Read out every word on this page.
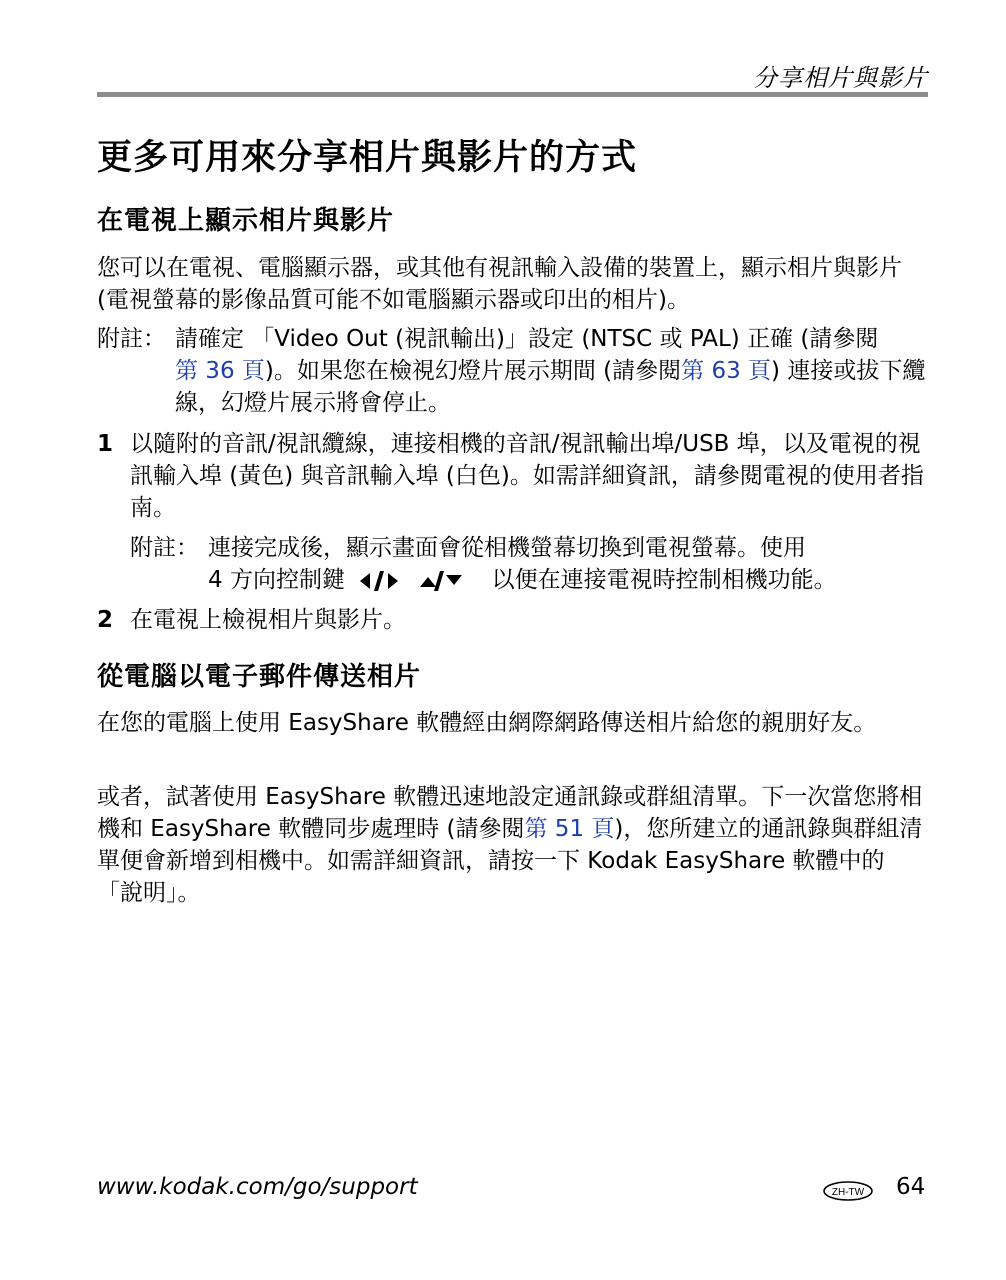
分享相片與影片
更多可用來分享相片與影片的方式
在電視上顯示相片與影片

您可以在電視、電腦顯示器，或其他有視訊輸入設備的裝置上，顯示相片與影片 (電視螢幕的影像品質可能不如電腦顯示器或印出的相片)。

附註： 請確定 「Video Out (視訊輸出)」設定 (NTSC 或 PAL) 正確 (請參閱
第 36 頁)。如果您在檢視幻燈片展示期間 (請參閱第 63 頁) 連接或拔下纜線，幻燈片展示將會停止。
1 以隨附的音訊/視訊纜線，連接相機的音訊/視訊輸出埠/USB 埠，以及電視的視訊輸入埠 (黃色) 與音訊輸入埠 (白色)。如需詳細資訊，請參閱電視的使用者指南。
附註： 連接完成後，顯示畫面會從相機螢幕切換到電視螢幕。使用
4 方向控制鍵	以便在連接電視時控制相機功能。
2 在電視上檢視相片與影片。
從電腦以電子郵件傳送相片

在您的電腦上使用 EasyShare 軟體經由網際網路傳送相片給您的親朋好友。

或者，試著使用 EasyShare 軟體迅速地設定通訊錄或群組清單。下一次當您將相機和 EasyShare 軟體同步處理時 (請參閱第 51 頁)，您所建立的通訊錄與群組清單便會新增到相機中。如需詳細資訊，請按一下 Kodak EasyShare 軟體中的 「說明」。

www.kodak.com/go/support	ZH-TW 64
